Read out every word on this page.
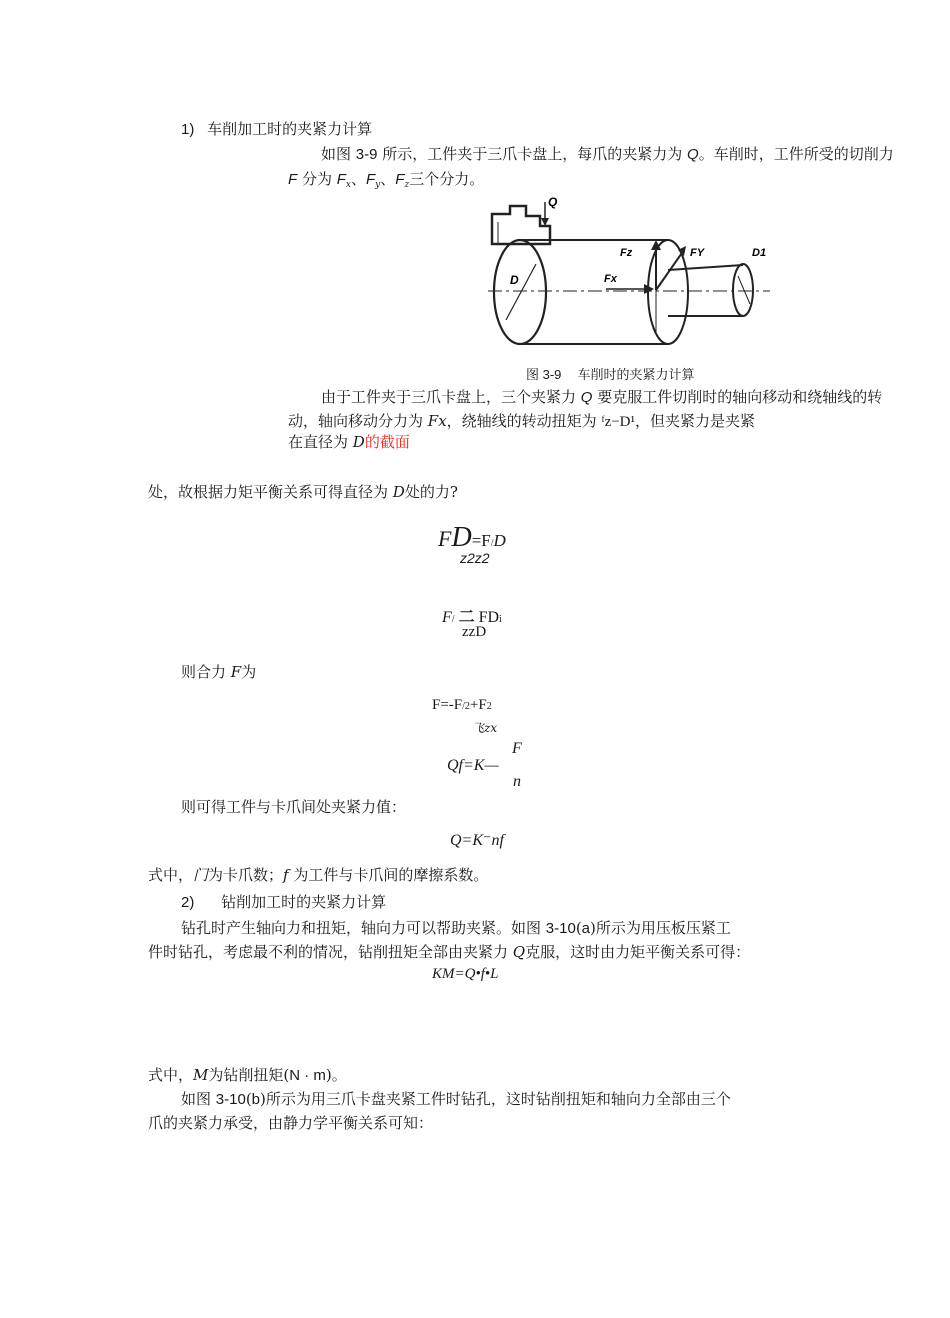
1) 车削加工时的夹紧力计算
如图 3-9 所示，工件夹于三爪卡盘上，每爪的夹紧力为 Q。车削时，工件所受的切削力
F 分为 $F_x$、$F_y$、$F_z$三个分力。
Q
Fz	FY
Fx
D
D1
图 3-9 车削时的夹紧力计算
由于工件夹于三爪卡盘上，三个夹紧力 Q 要克服工件切削时的轴向移动和绕轴线的转
动，轴向移动分力为 Fx，绕轴线的转动扭矩为 ᶠz−D¹，但夹紧力是夹紧
在直径为 D的截面
处，故根据力矩平衡关系可得直径为 D处的力?
FD=F/D
z2z2
F/ 二 FDi
zzD
则合力 F为
F=-F/2+F2
飞zx
F
Qf=K—
n
则可得工件与卡爪间处夹紧力值：
Q=K⁻nf
式中，门为卡爪数；f 为工件与卡爪间的摩擦系数。
2) 钻削加工时的夹紧力计算
钻孔时产生轴向力和扭矩，轴向力可以帮助夹紧。如图 3-10(a)所示为用压板压紧工
件时钻孔，考虑最不利的情况，钻削扭矩全部由夹紧力 Q克服，这时由力矩平衡关系可得：
KM=Q•f•L
式中，M为钻削扭矩(N · m)。
如图 3-10(b)所示为用三爪卡盘夹紧工件时钻孔，这时钻削扭矩和轴向力全部由三个
爪的夹紧力承受，由静力学平衡关系可知：
